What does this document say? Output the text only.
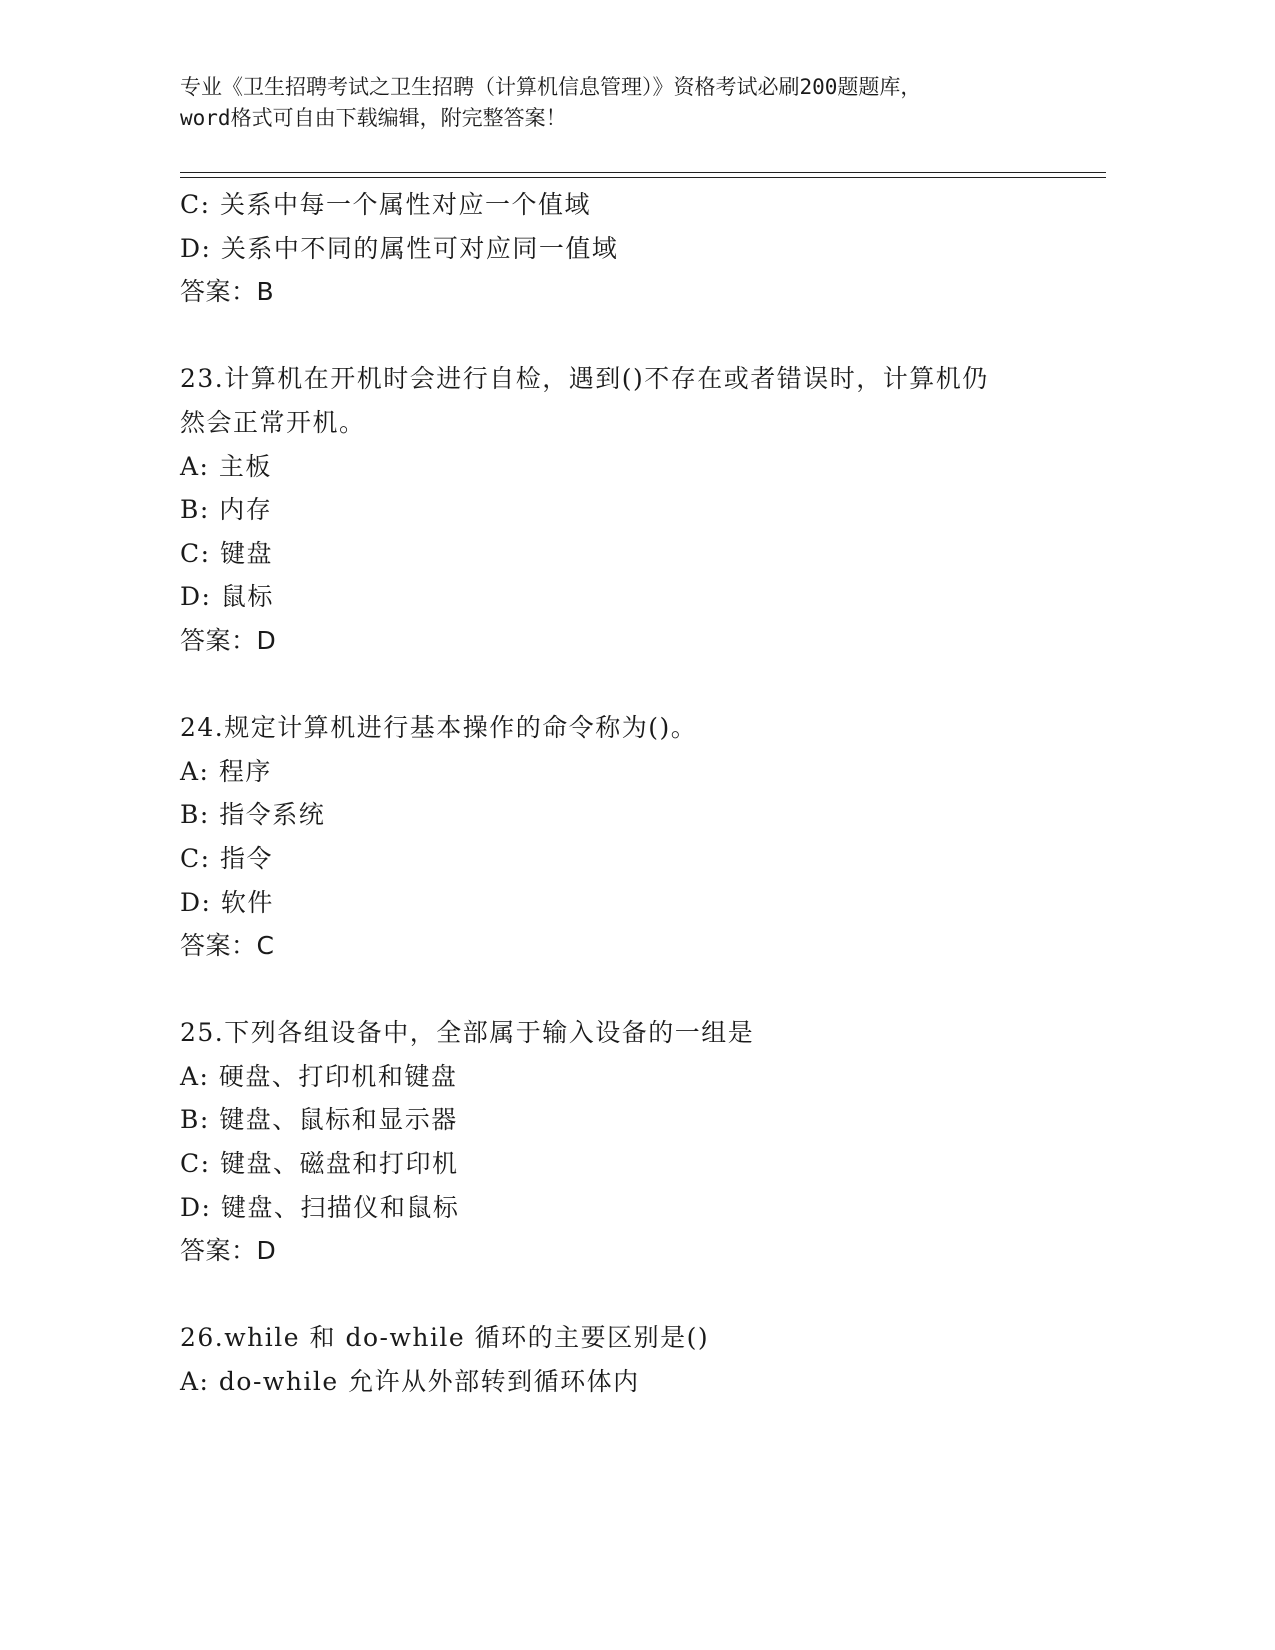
专业《卫生招聘考试之卫生招聘（计算机信息管理）》资格考试必刷200题题库，
word格式可自由下载编辑，附完整答案！
C: 关系中每一个属性对应一个值域
D: 关系中不同的属性可对应同一值域
答案：B
23.计算机在开机时会进行自检，遇到()不存在或者错误时，计算机仍
然会正常开机。
A: 主板
B: 内存
C: 键盘
D: 鼠标
答案：D
24.规定计算机进行基本操作的命令称为()。
A: 程序
B: 指令系统
C: 指令
D: 软件
答案：C
25.下列各组设备中，全部属于输入设备的一组是
A: 硬盘、打印机和键盘
B: 键盘、鼠标和显示器
C: 键盘、磁盘和打印机
D: 键盘、扫描仪和鼠标
答案：D
26.while 和 do-while 循环的主要区别是()
A: do-while 允许从外部转到循环体内
